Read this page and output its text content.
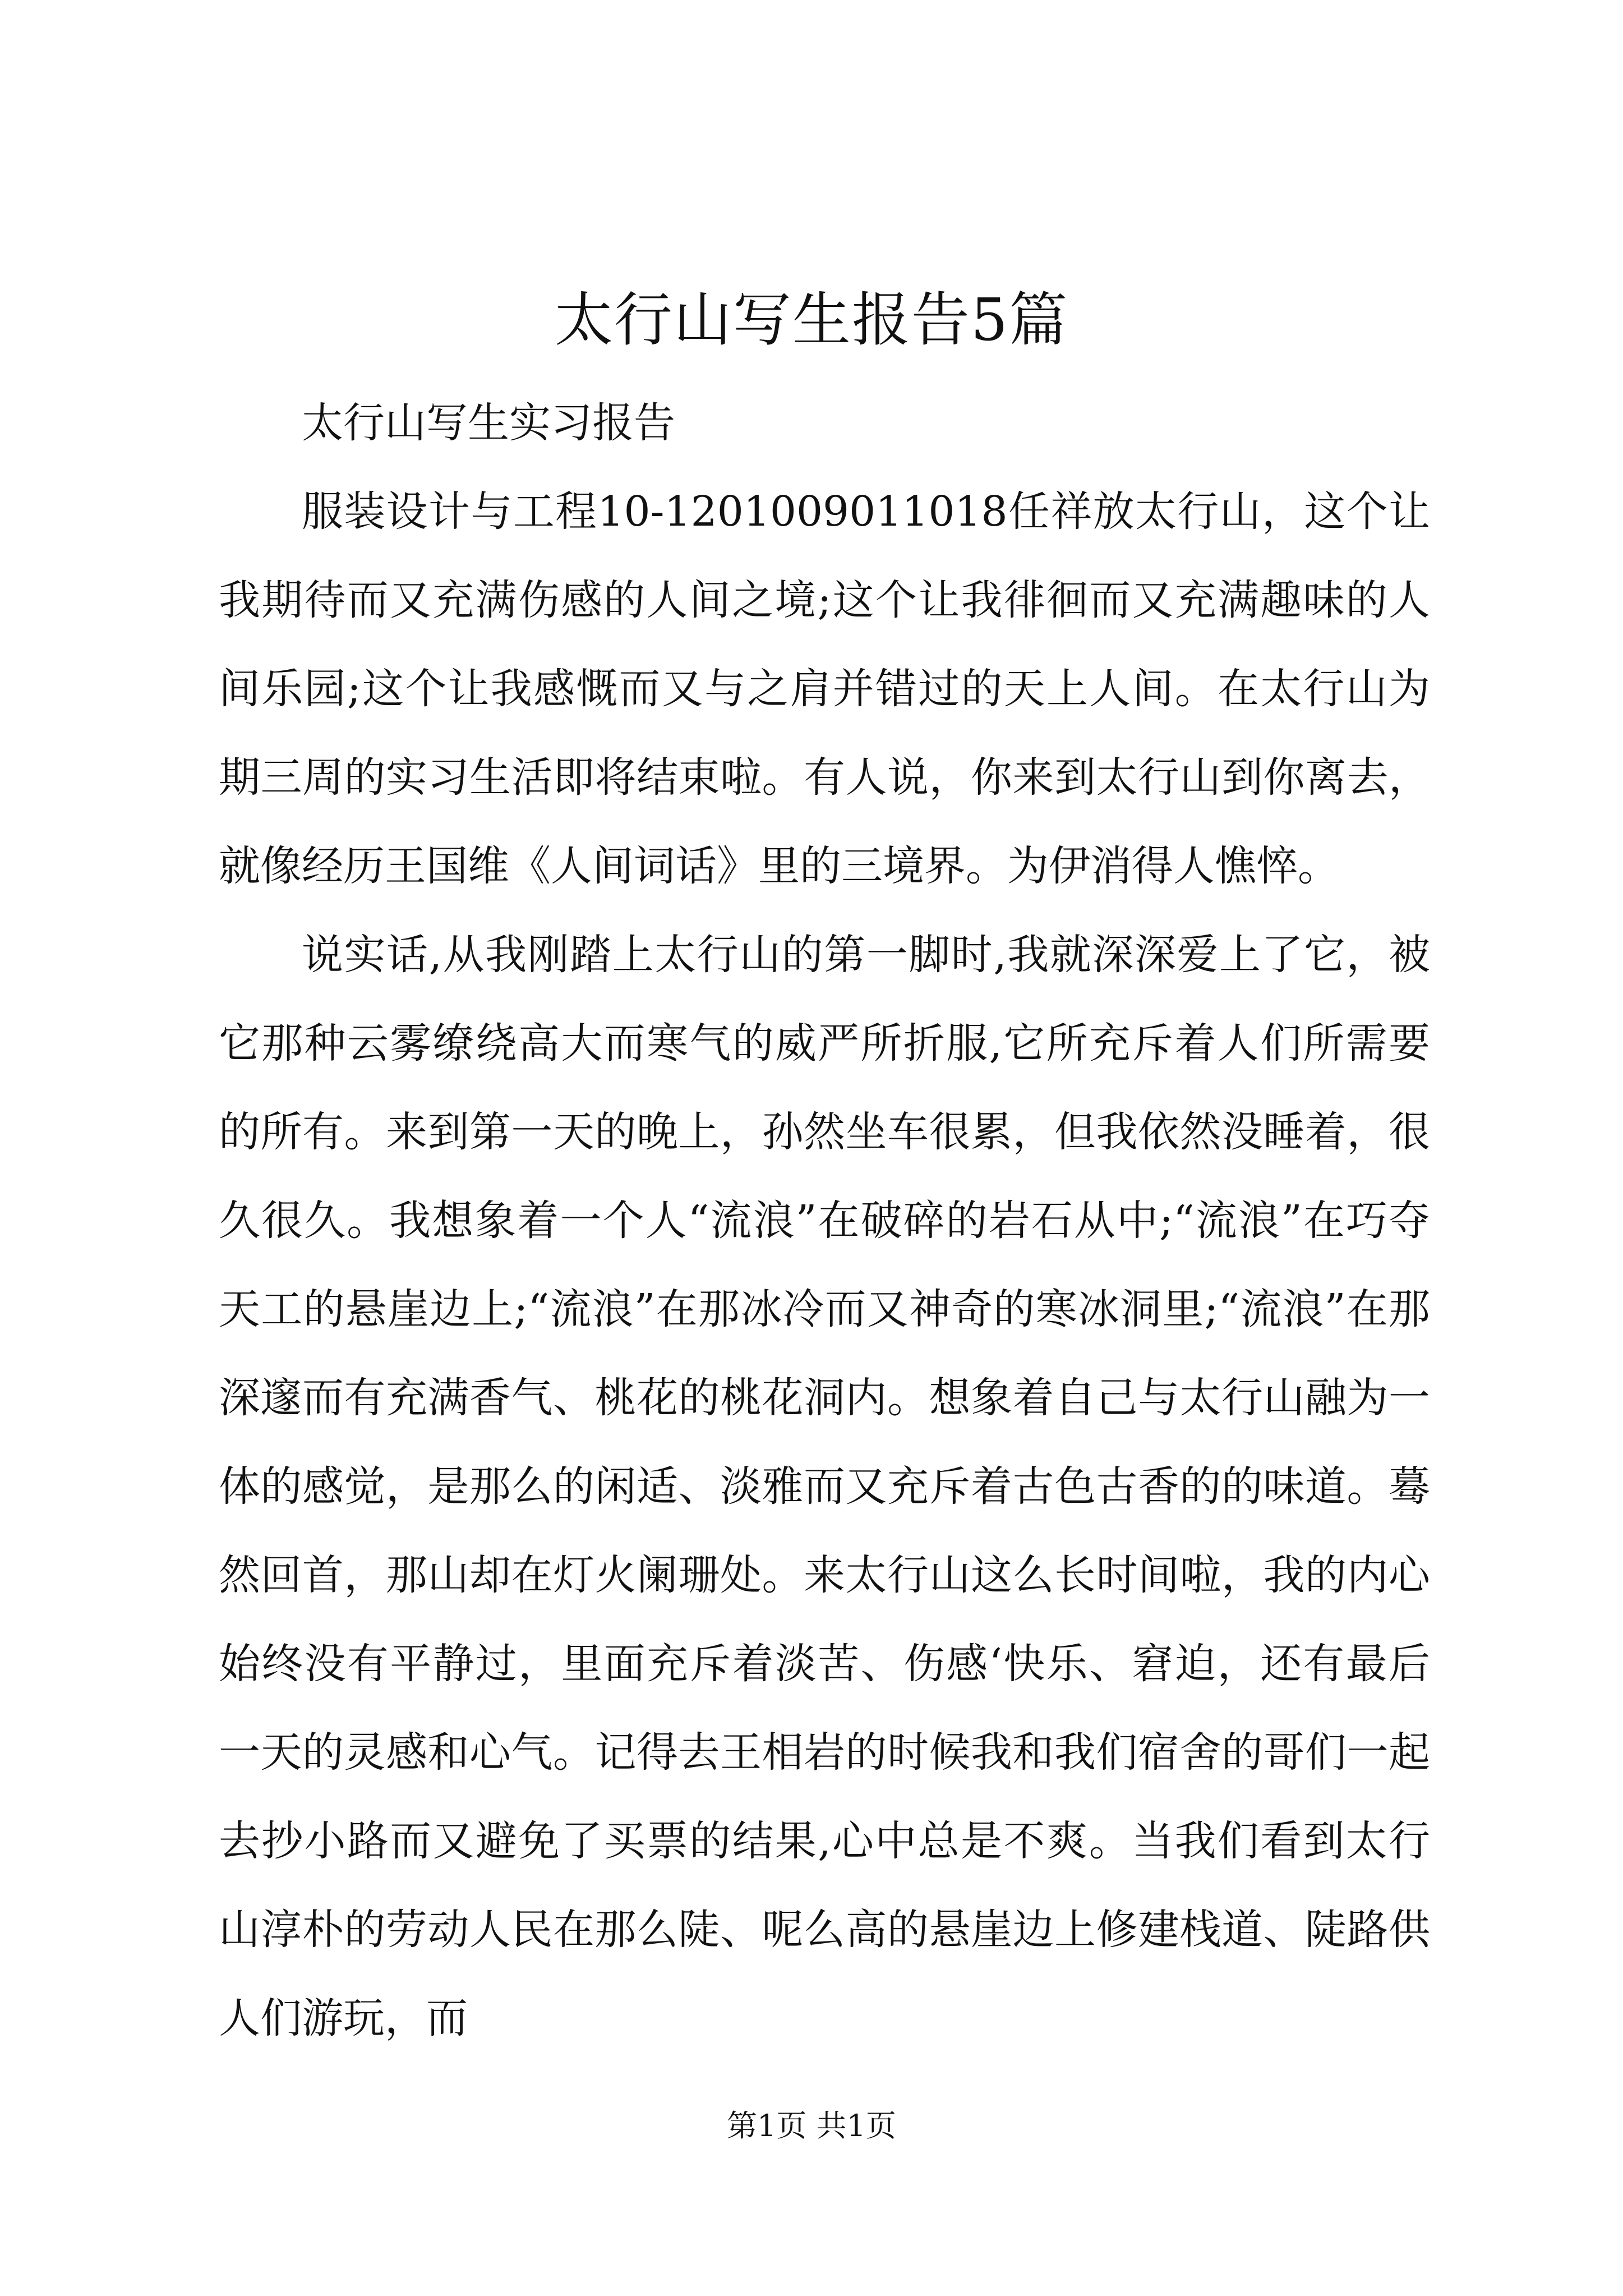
太行山写生报告5篇

太行山写生实习报告

服装设计与工程10-1201009011018任祥放太行山，这个让我期待而又充满伤感的人间之境;这个让我徘徊而又充满趣味的人间乐园;这个让我感慨而又与之肩并错过的天上人间。在太行山为期三周的实习生活即将结束啦。有人说，你来到太行山到你离去，就像经历王国维《人间词话》里的三境界。为伊消得人憔悴。

说实话,从我刚踏上太行山的第一脚时,我就深深爱上了它，被它那种云雾缭绕高大而寒气的威严所折服,它所充斥着人们所需要的所有。来到第一天的晚上，孙然坐车很累，但我依然没睡着，很久很久。我想象着一个人“流浪”在破碎的岩石从中;“流浪”在巧夺天工的悬崖边上;“流浪”在那冰冷而又神奇的寒冰洞里;“流浪”在那深邃而有充满香气、桃花的桃花洞内。想象着自己与太行山融为一体的感觉，是那么的闲适、淡雅而又充斥着古色古香的的味道。蓦然回首，那山却在灯火阑珊处。来太行山这么长时间啦，我的内心始终没有平静过，里面充斥着淡苦、伤感‘快乐、窘迫，还有最后一天的灵感和心气。记得去王相岩的时候我和我们宿舍的哥们一起去抄小路而又避免了买票的结果,心中总是不爽。当我们看到太行山淳朴的劳动人民在那么陡、呢么高的悬崖边上修建栈道、陡路供人们游玩，而

第1页 共1页
